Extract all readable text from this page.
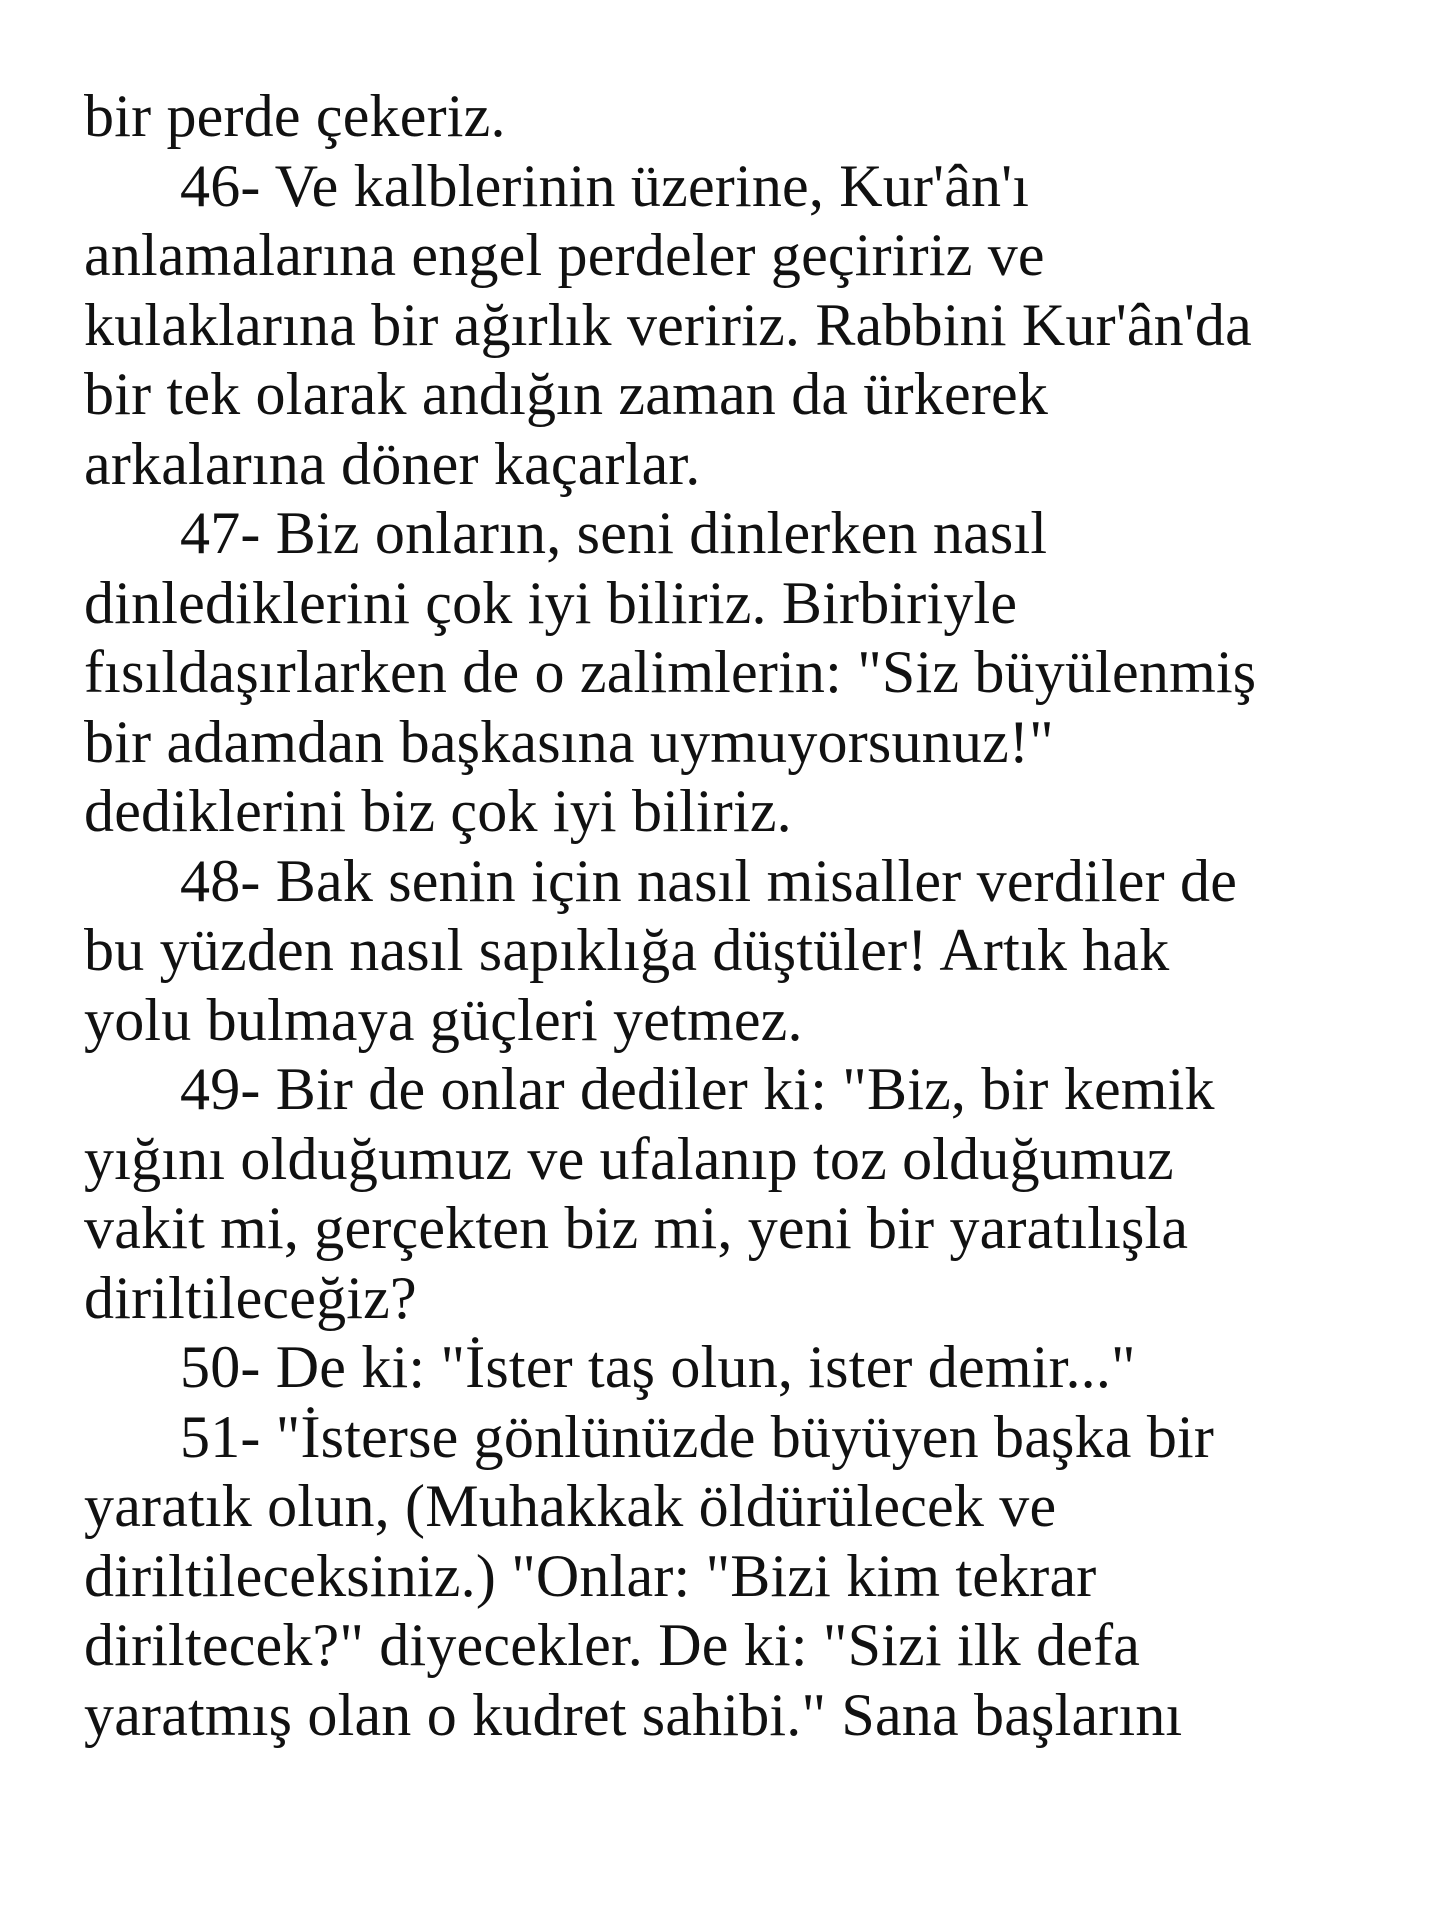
bir perde çekeriz.
46- Ve kalblerinin üzerine, Kur'ân'ı
anlamalarına engel perdeler geçiririz ve
kulaklarına bir ağırlık veririz. Rabbini Kur'ân'da
bir tek olarak andığın zaman da ürkerek
arkalarına döner kaçarlar.
47- Biz onların, seni dinlerken nasıl
dinlediklerini çok iyi biliriz. Birbiriyle
fısıldaşırlarken de o zalimlerin: "Siz büyülenmiş
bir adamdan başkasına uymuyorsunuz!"
dediklerini biz çok iyi biliriz.
48- Bak senin için nasıl misaller verdiler de
bu yüzden nasıl sapıklığa düştüler! Artık hak
yolu bulmaya güçleri yetmez.
49- Bir de onlar dediler ki: "Biz, bir kemik
yığını olduğumuz ve ufalanıp toz olduğumuz
vakit mi, gerçekten biz mi, yeni bir yaratılışla
diriltileceğiz?
50- De ki: "İster taş olun, ister demir..."
51- "İsterse gönlünüzde büyüyen başka bir
yaratık olun, (Muhakkak öldürülecek ve
diriltileceksiniz.) "Onlar: "Bizi kim tekrar
diriltecek?" diyecekler. De ki: "Sizi ilk defa
yaratmış olan o kudret sahibi." Sana başlarını
